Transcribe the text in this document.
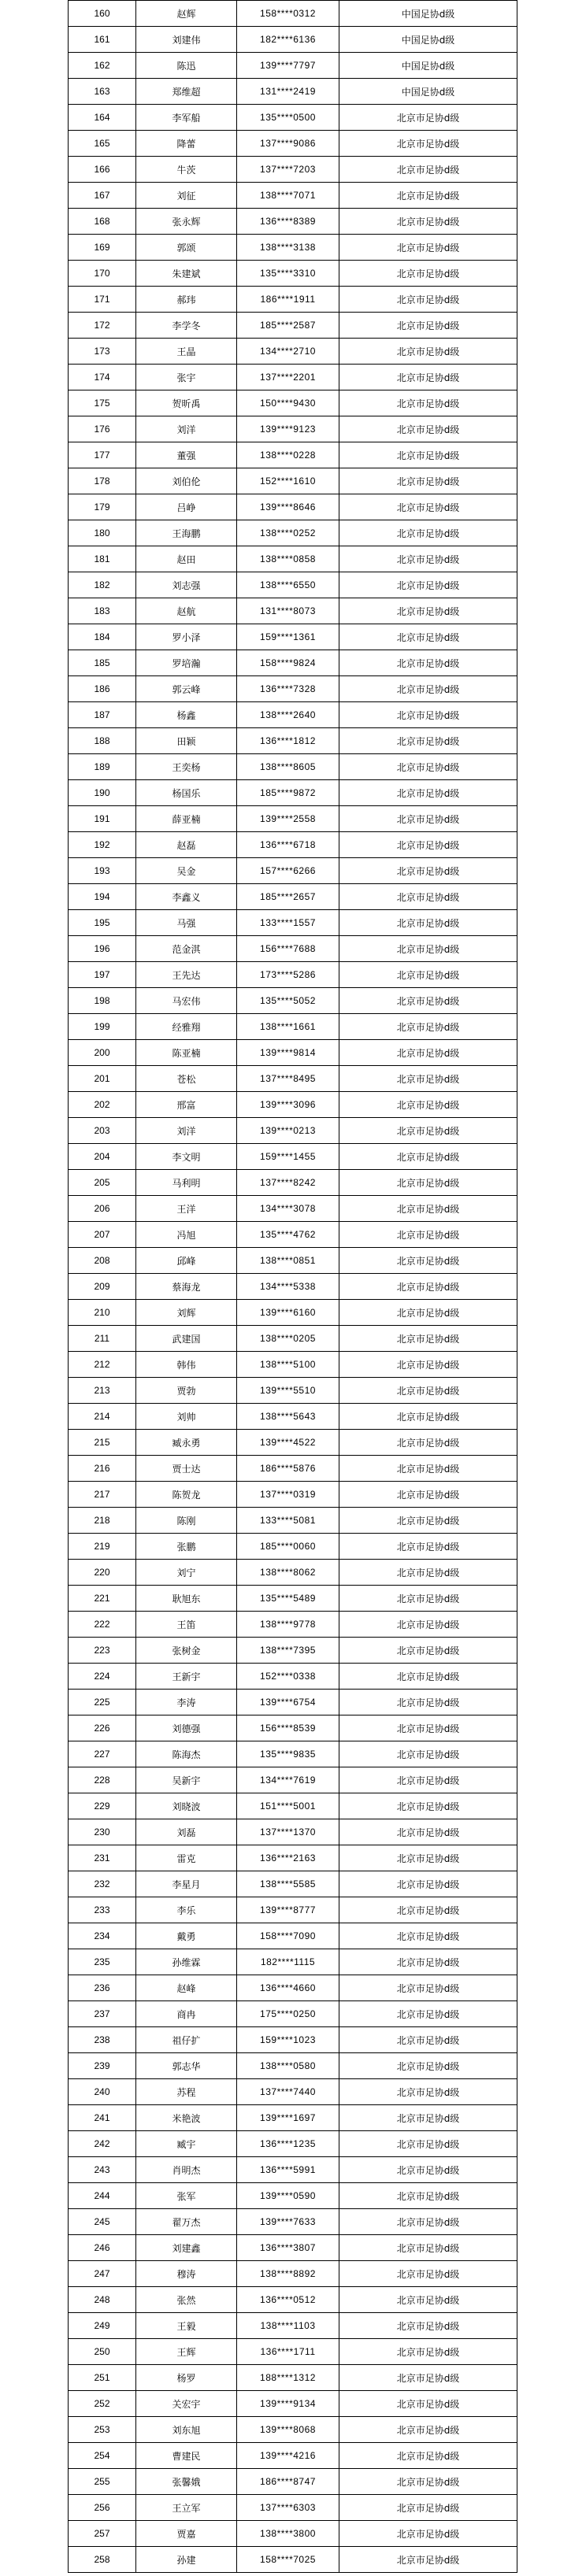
160	赵辉	158****0312	中国足协d级
161	刘建伟	182****6136	中国足协d级
162	陈迅	139****7797	中国足协d级
163	郑维超	131****2419	中国足协d级
164	李军船	135****0500	北京市足协d级
165	降蕾	137****9086	北京市足协d级
166	牛茨	137****7203	北京市足协d级
167	刘征	138****7071	北京市足协d级
168	张永辉	136****8389	北京市足协d级
169	郭颂	138****3138	北京市足协d级
170	朱建斌	135****3310	北京市足协d级
171	郝玮	186****1911	北京市足协d级
172	李学冬	185****2587	北京市足协d级
173	王晶	134****2710	北京市足协d级
174	张宇	137****2201	北京市足协d级
175	贺昕禹	150****9430	北京市足协d级
176	刘洋	139****9123	北京市足协d级
177	董强	138****0228	北京市足协d级
178	刘伯伦	152****1610	北京市足协d级
179	吕峥	139****8646	北京市足协d级
180	王海鹏	138****0252	北京市足协d级
181	赵田	138****0858	北京市足协d级
182	刘志强	138****6550	北京市足协d级
183	赵航	131****8073	北京市足协d级
184	罗小泽	159****1361	北京市足协d级
185	罗培瀚	158****9824	北京市足协d级
186	郭云峰	136****7328	北京市足协d级
187	杨鑫	138****2640	北京市足协d级
188	田颖	136****1812	北京市足协d级
189	王奕杨	138****8605	北京市足协d级
190	杨国乐	185****9872	北京市足协d级
191	薛亚楠	139****2558	北京市足协d级
192	赵磊	136****6718	北京市足协d级
193	吴金	157****6266	北京市足协d级
194	李鑫义	185****2657	北京市足协d级
195	马强	133****1557	北京市足协d级
196	范金淇	156****7688	北京市足协d级
197	王先达	173****5286	北京市足协d级
198	马宏伟	135****5052	北京市足协d级
199	经雅翔	138****1661	北京市足协d级
200	陈亚楠	139****9814	北京市足协d级
201	苍松	137****8495	北京市足协d级
202	邢富	139****3096	北京市足协d级
203	刘洋	139****0213	北京市足协d级
204	李文明	159****1455	北京市足协d级
205	马利明	137****8242	北京市足协d级
206	王洋	134****3078	北京市足协d级
207	冯旭	135****4762	北京市足协d级
208	邱峰	138****0851	北京市足协d级
209	蔡海龙	134****5338	北京市足协d级
210	刘辉	139****6160	北京市足协d级
211	武建国	138****0205	北京市足协d级
212	韩伟	138****5100	北京市足协d级
213	贾勃	139****5510	北京市足协d级
214	刘帅	138****5643	北京市足协d级
215	臧永勇	139****4522	北京市足协d级
216	贾士达	186****5876	北京市足协d级
217	陈贺龙	137****0319	北京市足协d级
218	陈刚	133****5081	北京市足协d级
219	张鹏	185****0060	北京市足协d级
220	刘宁	138****8062	北京市足协d级
221	耿旭东	135****5489	北京市足协d级
222	王笛	138****9778	北京市足协d级
223	张树金	138****7395	北京市足协d级
224	王新宇	152****0338	北京市足协d级
225	李涛	139****6754	北京市足协d级
226	刘德强	156****8539	北京市足协d级
227	陈海杰	135****9835	北京市足协d级
228	吴新宇	134****7619	北京市足协d级
229	刘晓波	151****5001	北京市足协d级
230	刘磊	137****1370	北京市足协d级
231	雷克	136****2163	北京市足协d级
232	李星月	138****5585	北京市足协d级
233	李乐	139****8777	北京市足协d级
234	戴勇	158****7090	北京市足协d级
235	孙维霖	182****1115	北京市足协d级
236	赵峰	136****4660	北京市足协d级
237	商冉	175****0250	北京市足协d级
238	祖仔扩	159****1023	北京市足协d级
239	郭志华	138****0580	北京市足协d级
240	苏程	137****7440	北京市足协d级
241	米艳波	139****1697	北京市足协d级
242	臧宇	136****1235	北京市足协d级
243	肖明杰	136****5991	北京市足协d级
244	张军	139****0590	北京市足协d级
245	翟万杰	139****7633	北京市足协d级
246	刘建鑫	136****3807	北京市足协d级
247	穆涛	138****8892	北京市足协d级
248	张然	136****0512	北京市足协d级
249	王毅	138****1103	北京市足协d级
250	王辉	136****1711	北京市足协d级
251	杨罗	188****1312	北京市足协d级
252	关宏宇	139****9134	北京市足协d级
253	刘东旭	139****8068	北京市足协d级
254	曹建民	139****4216	北京市足协d级
255	张馨娥	186****8747	北京市足协d级
256	王立军	137****6303	北京市足协d级
257	贾嘉	138****3800	北京市足协d级
258	孙建	158****7025	北京市足协d级
